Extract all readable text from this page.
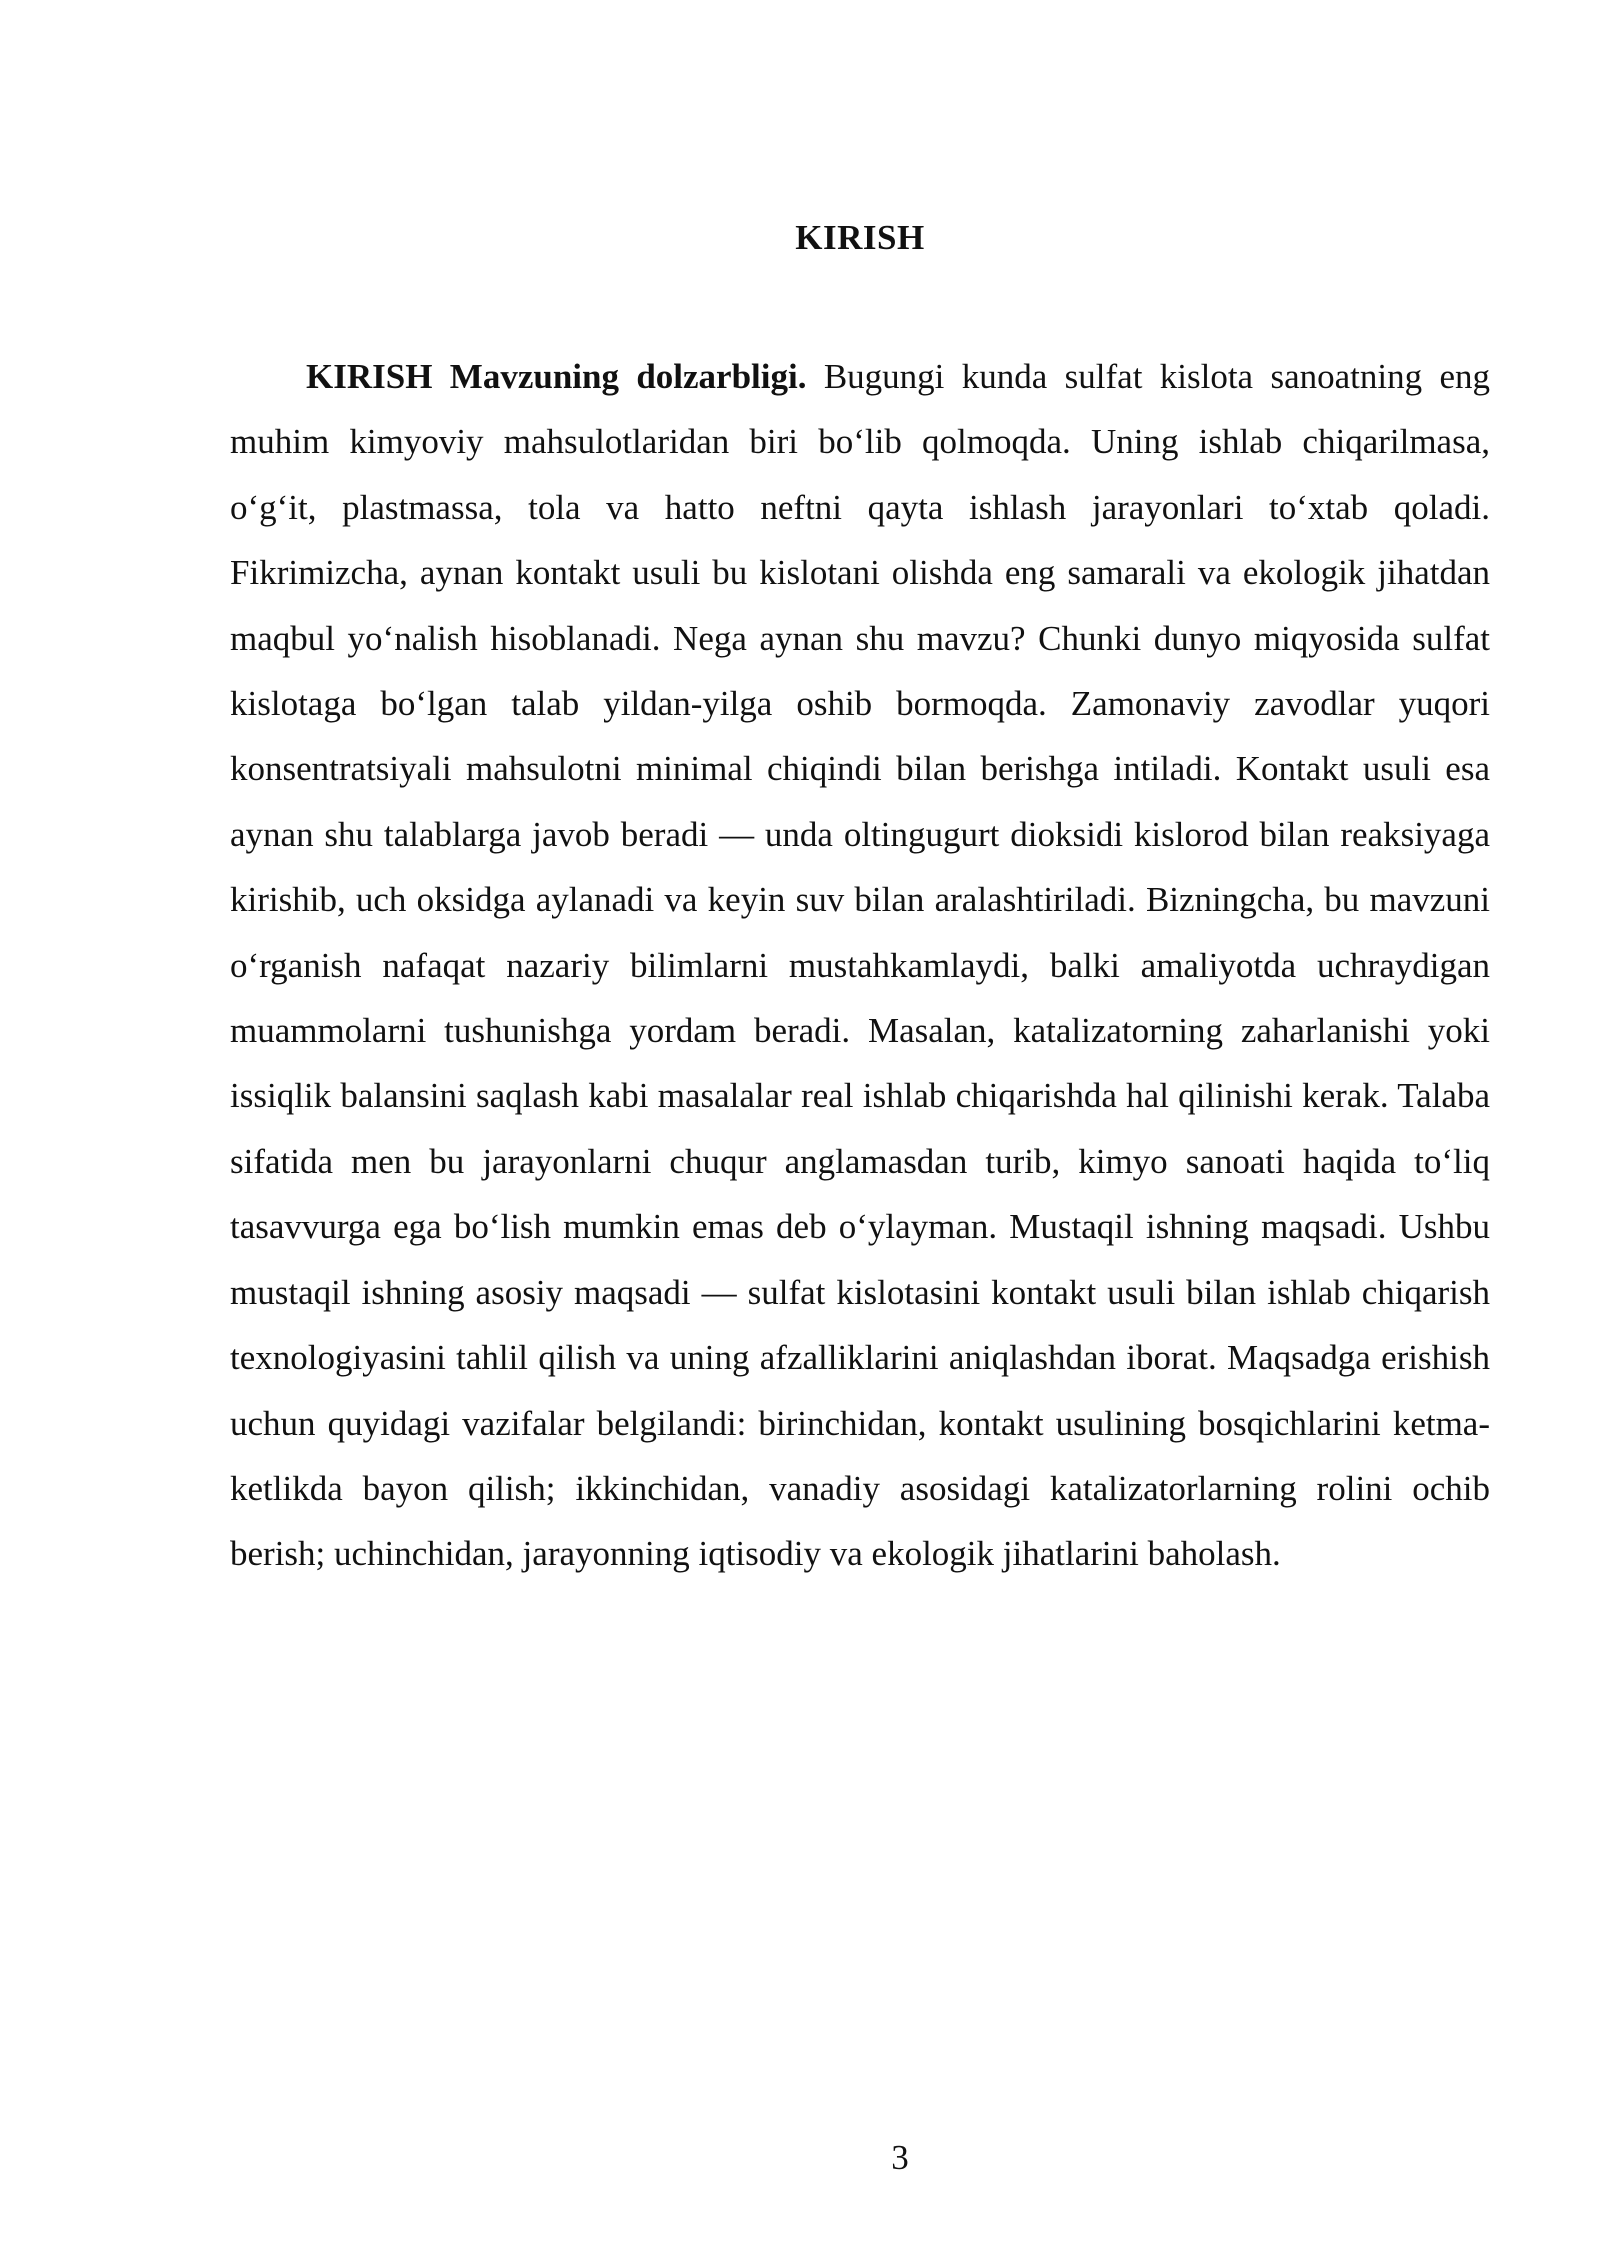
KIRISH

KIRISH Mavzuning dolzarbligi. Bugungi kunda sulfat kislota sanoatning eng muhim kimyoviy mahsulotlaridan biri bo‘lib qolmoqda. Uning ishlab chiqarilmasa, o‘g‘it, plastmassa, tola va hatto neftni qayta ishlash jarayonlari to‘xtab qoladi. Fikrimizcha, aynan kontakt usuli bu kislotani olishda eng samarali va ekologik jihatdan maqbul yo‘nalish hisoblanadi. Nega aynan shu mavzu? Chunki dunyo miqyosida sulfat kislotaga bo‘lgan talab yildan-yilga oshib bormoqda. Zamonaviy zavodlar yuqori konsentratsiyali mahsulotni minimal chiqindi bilan berishga intiladi. Kontakt usuli esa aynan shu talablarga javob beradi — unda oltingugurt dioksidi kislorod bilan reaksiyaga kirishib, uch oksidga aylanadi va keyin suv bilan aralashtiriladi. Bizningcha, bu mavzuni o‘rganish nafaqat nazariy bilimlarni mustahkamlaydi, balki amaliyotda uchraydigan muammolarni tushunishga yordam beradi. Masalan, katalizatorning zaharlanishi yoki issiqlik balansini saqlash kabi masalalar real ishlab chiqarishda hal qilinishi kerak. Talaba sifatida men bu jarayonlarni chuqur anglamasdan turib, kimyo sanoati haqida to‘liq tasavvurga ega bo‘lish mumkin emas deb o‘ylayman. Mustaqil ishning maqsadi. Ushbu mustaqil ishning asosiy maqsadi — sulfat kislotasini kontakt usuli bilan ishlab chiqarish texnologiyasini tahlil qilish va uning afzalliklarini aniqlashdan iborat. Maqsadga erishish uchun quyidagi vazifalar belgilandi: birinchidan, kontakt usulining bosqichlarini ketma-ketlikda bayon qilish; ikkinchidan, vanadiy asosidagi katalizatorlarning rolini ochib berish; uchinchidan, jarayonning iqtisodiy va ekologik jihatlarini baholash.

3
